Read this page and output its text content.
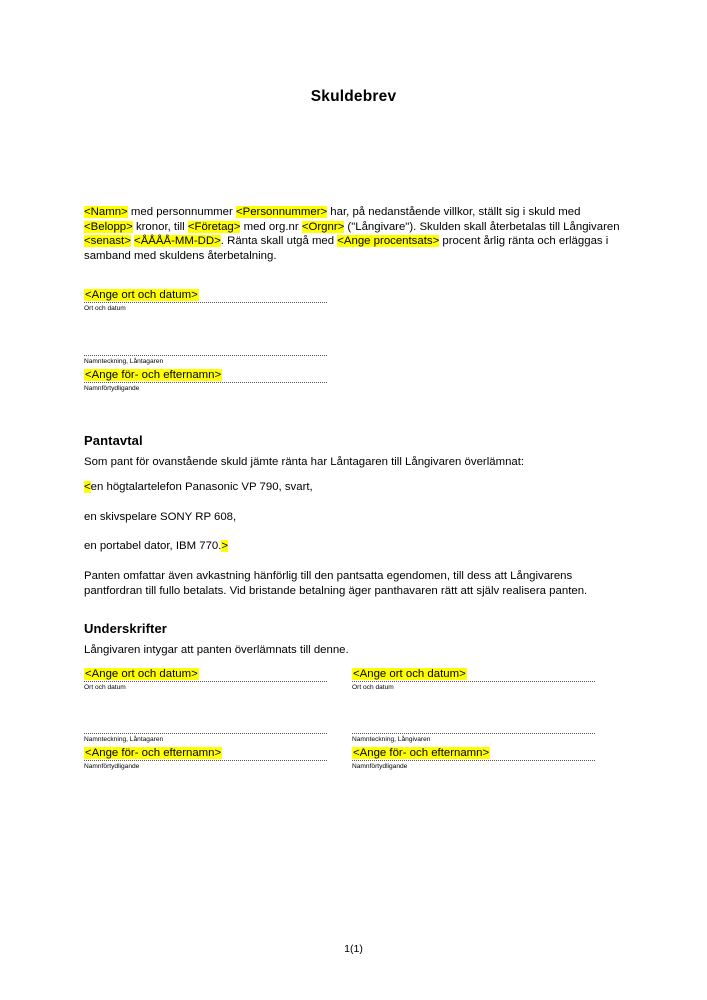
Skuldebrev
<Namn> med personnummer <Personnummer> har, på nedanstående villkor, ställt sig i skuld med <Belopp> kronor, till <Företag> med org.nr <Orgnr> ("Långivare"). Skulden skall återbetalas till Långivaren <senast> <ÅÅÅÅ-MM-DD>. Ränta skall utgå med <Ange procentsats> procent årlig ränta och erläggas i samband med skuldens återbetalning.
<Ange ort och datum>
Ort och datum
Namnteckning, Låntagaren
<Ange för- och efternamn>
Namnförtydligande
Pantavtal
Som pant för ovanstående skuld jämte ränta har Låntagaren till Långivaren överlämnat:
<en högtalartelefon Panasonic VP 790, svart,
en skivspelare SONY RP 608,
en portabel dator, IBM 770.>
Panten omfattar även avkastning hänförlig till den pantsatta egendomen, till dess att Långivarens pantfordran till fullo betalats. Vid bristande betalning äger panthavaren rätt att själv realisera panten.
Underskrifter
Långivaren intygar att panten överlämnats till denne.
<Ange ort och datum>
Ort och datum
<Ange ort och datum>
Ort och datum
Namnteckning, Låntagaren
<Ange för- och efternamn>
Namnförtydligande
Namnteckning, Långivaren
<Ange för- och efternamn>
Namnförtydligande
1(1)
